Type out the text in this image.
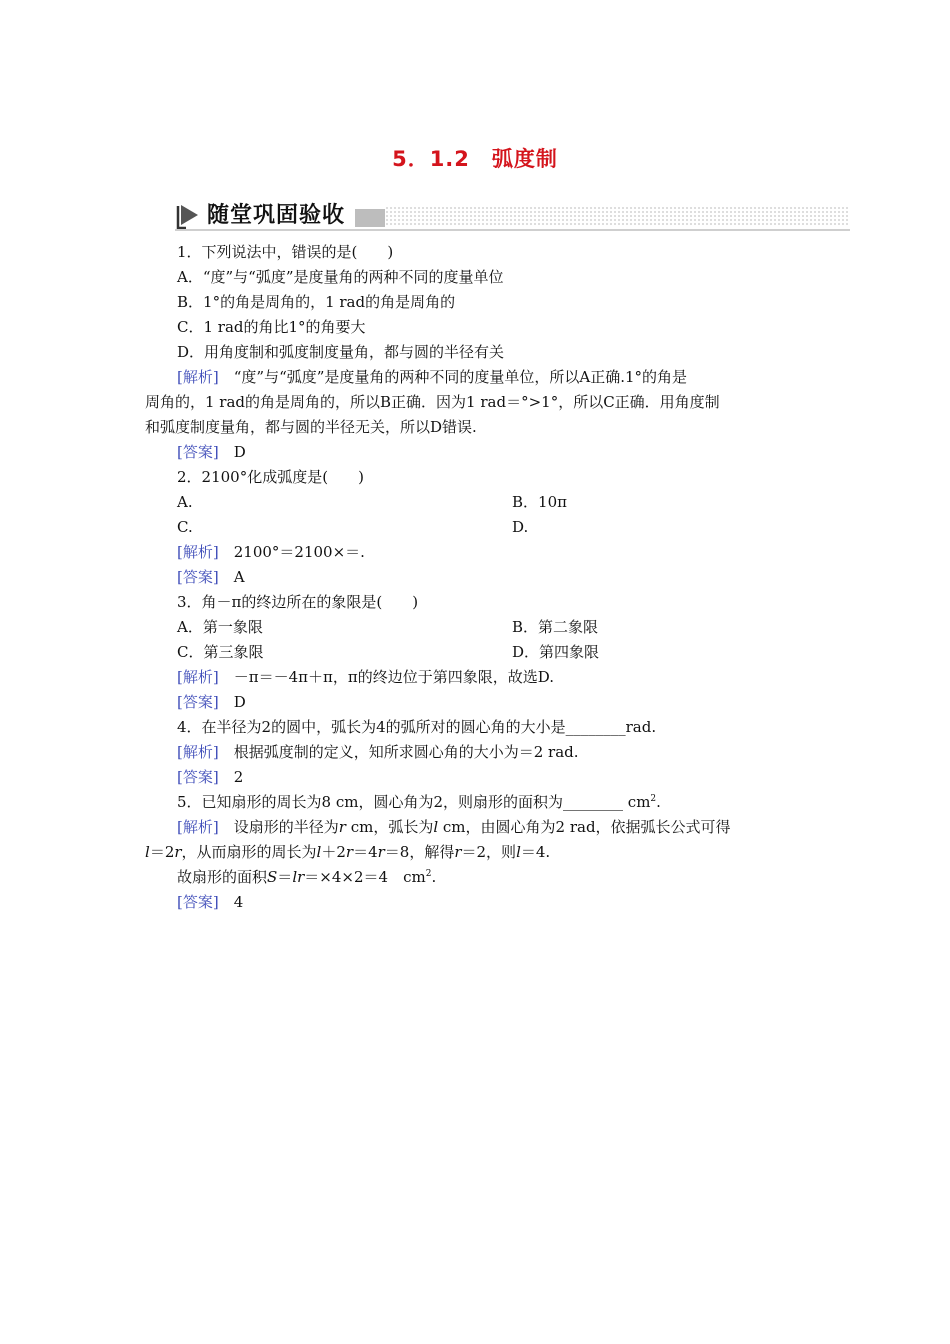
5．1.2　弧度制
随堂巩固验收
1．下列说法中，错误的是(　　)
A．“度”与“弧度”是度量角的两种不同的度量单位
B．1°的角是周角的，1 rad的角是周角的
C．1 rad的角比1°的角要大
D．用角度制和弧度制度量角，都与圆的半径有关
[解析]　 “度”与“弧度”是度量角的两种不同的度量单位，所以A正确.1°的角是
周角的，1 rad的角是周角的，所以B正确．因为1 rad＝°>1°，所以C正确．用角度制
和弧度制度量角，都与圆的半径无关，所以D错误.
[答案]　 D
2．2100°化成弧度是(　　)
A.	B．10π
C.	D.
[解析]　 2100°＝2100×＝.
[答案]　 A
3．角－π的终边所在的象限是(　　)
A．第一象限	B．第二象限
C．第三象限	D．第四象限
[解析]　 －π＝－4π＋π，π的终边位于第四象限，故选D.
[答案]　 D
4．在半径为2的圆中，弧长为4的弧所对的圆心角的大小是________rad.
[解析]　 根据弧度制的定义，知所求圆心角的大小为＝2 rad.
[答案]　 2
5．已知扇形的周长为8 cm，圆心角为2，则扇形的面积为________ $cm^2$.
[解析]　 设扇形的半径为r cm，弧长为l cm，由圆心角为2 rad，依据弧长公式可得
l＝2r，从而扇形的周长为l＋2r＝4r＝8，解得r＝2，则l＝4.
故扇形的面积S＝lr＝×4×2＝4　$cm^2$.
[答案]　 4
